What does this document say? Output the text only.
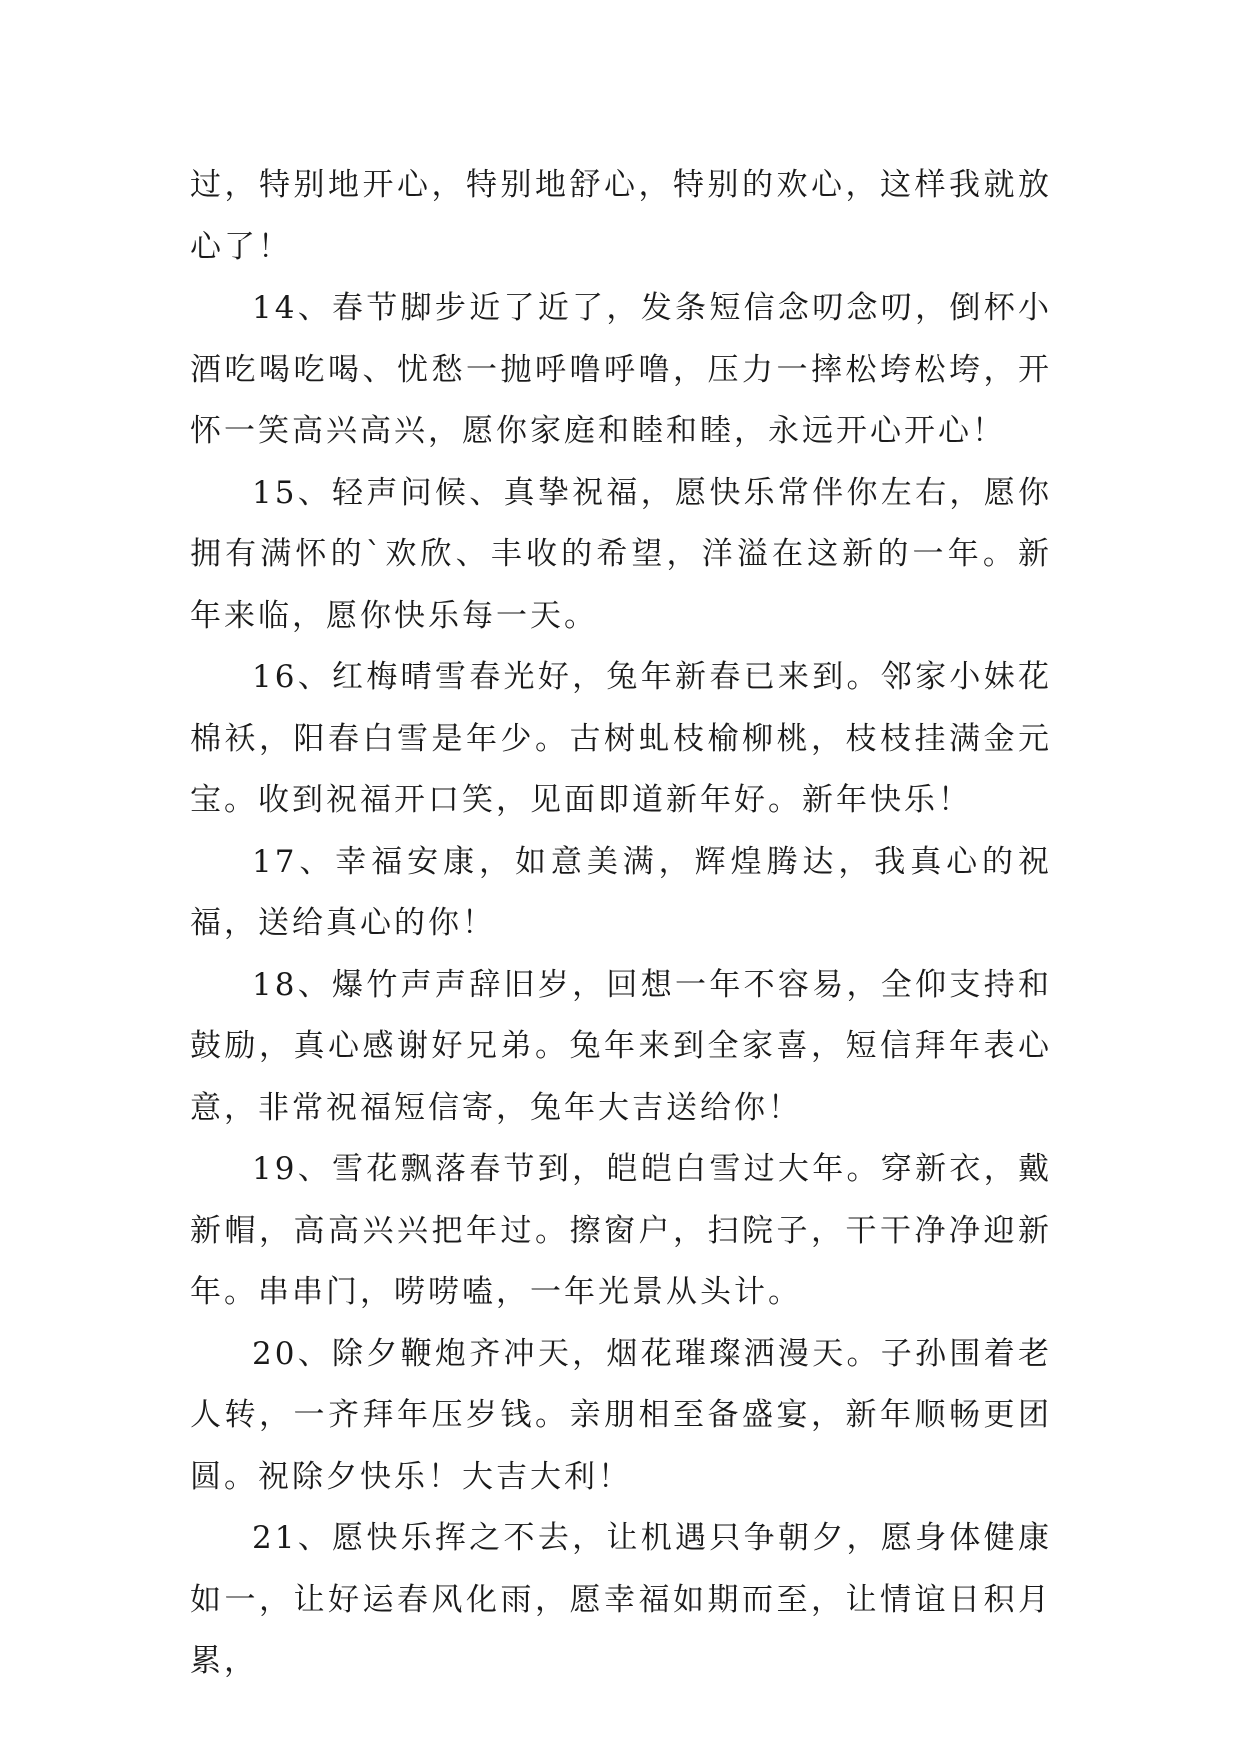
过，特别地开心，特别地舒心，特别的欢心，这样我就放心了！

14、春节脚步近了近了，发条短信念叨念叨，倒杯小酒吃喝吃喝、忧愁一抛呼噜呼噜，压力一摔松垮松垮，开怀一笑高兴高兴，愿你家庭和睦和睦，永远开心开心！

15、轻声问候、真挚祝福，愿快乐常伴你左右，愿你拥有满怀的`欢欣、丰收的希望，洋溢在这新的一年。新年来临，愿你快乐每一天。

16、红梅晴雪春光好，兔年新春已来到。邻家小妹花棉袄，阳春白雪是年少。古树虬枝榆柳桃，枝枝挂满金元宝。收到祝福开口笑，见面即道新年好。新年快乐！

17、幸福安康，如意美满，辉煌腾达，我真心的祝福，送给真心的你！

18、爆竹声声辞旧岁，回想一年不容易，全仰支持和鼓励，真心感谢好兄弟。兔年来到全家喜，短信拜年表心意，非常祝福短信寄，兔年大吉送给你！

19、雪花飘落春节到，皑皑白雪过大年。穿新衣，戴新帽，高高兴兴把年过。擦窗户，扫院子，干干净净迎新年。串串门，唠唠嗑，一年光景从头计。

20、除夕鞭炮齐冲天，烟花璀璨洒漫天。子孙围着老人转，一齐拜年压岁钱。亲朋相至备盛宴，新年顺畅更团圆。祝除夕快乐！大吉大利！

21、愿快乐挥之不去，让机遇只争朝夕，愿身体健康如一，让好运春风化雨，愿幸福如期而至，让情谊日积月累，
